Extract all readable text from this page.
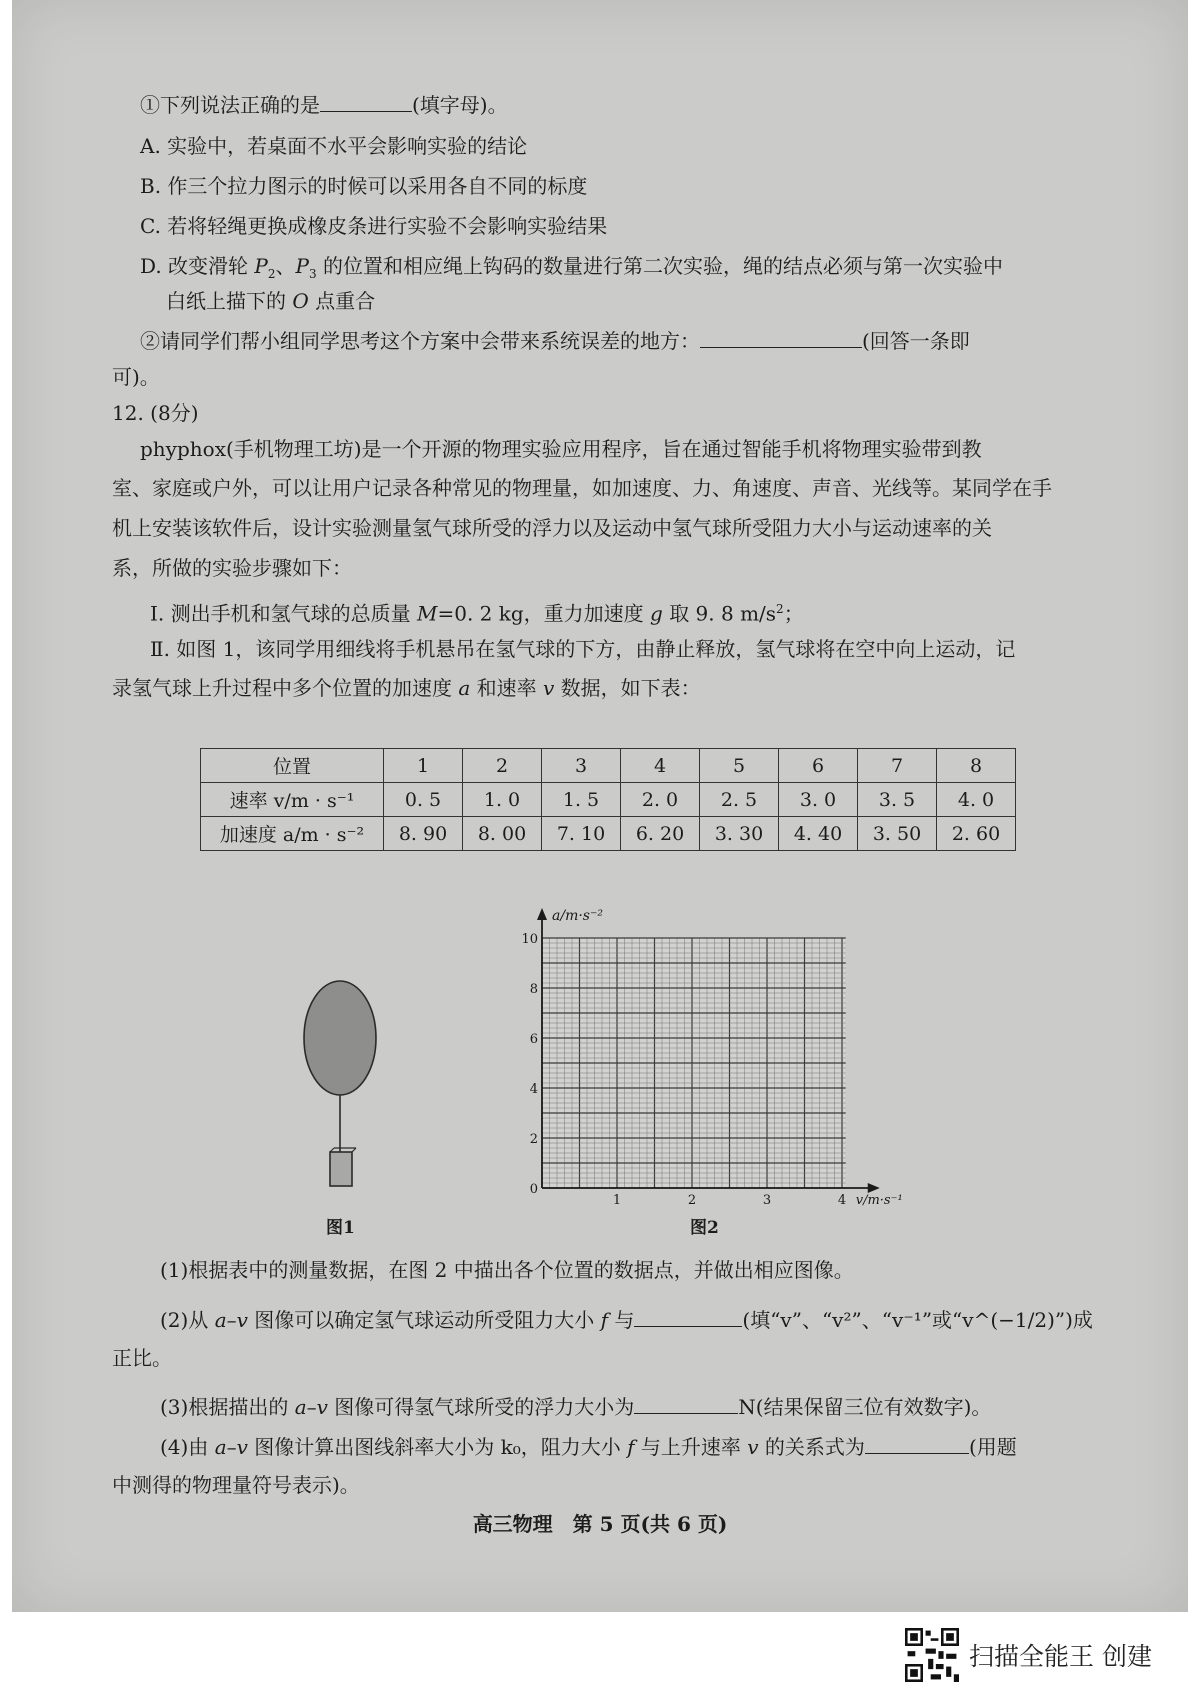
①下列说法正确的是	(填字母)。
A. 实验中，若桌面不水平会影响实验的结论
B. 作三个拉力图示的时候可以采用各自不同的标度
C. 若将轻绳更换成橡皮条进行实验不会影响实验结果
D. 改变滑轮 $P_2$、$P_3$ 的位置和相应绳上钩码的数量进行第二次实验，绳的结点必须与第一次实验中
白纸上描下的 O 点重合
②请同学们帮小组同学思考这个方案中会带来系统误差的地方：	(回答一条即
可)。
12. (8分)
phyphox(手机物理工坊)是一个开源的物理实验应用程序，旨在通过智能手机将物理实验带到教
室、家庭或户外，可以让用户记录各种常见的物理量，如加速度、力、角速度、声音、光线等。某同学在手
机上安装该软件后，设计实验测量氢气球所受的浮力以及运动中氢气球所受阻力大小与运动速率的关
系，所做的实验步骤如下：
Ⅰ. 测出手机和氢气球的总质量 M=0. 2 kg，重力加速度 g 取 9. 8 $m/s^2$；
Ⅱ. 如图 1，该同学用细线将手机悬吊在氢气球的下方，由静止释放，氢气球将在空中向上运动，记
录氢气球上升过程中多个位置的加速度 a 和速率 v 数据，如下表：
位置	1	2	3	4	5	6	7	8
速率 v/m · s⁻¹	0. 5	1. 0	1. 5	2. 0	2. 5	3. 0	3. 5	4. 0
加速度 a/m · s⁻²	8. 90	8. 00	7. 10	6. 20	3. 30	4. 40	3. 50	2. 60
图1
0
2
4
6
8
10
1	2	3	4
a/m·s⁻²
v/m·s⁻¹
图2
(1)根据表中的测量数据，在图 2 中描出各个位置的数据点，并做出相应图像。
(2)从 a–v 图像可以确定氢气球运动所受阻力大小 f 与	(填“v”、“v²”、“v⁻¹”或“v^(−1/2)”)成
正比。
(3)根据描出的 a–v 图像可得氢气球所受的浮力大小为	N(结果保留三位有效数字)。
(4)由 a–v 图像计算出图线斜率大小为 k₀，阻力大小 f 与上升速率 v 的关系式为	(用题
中测得的物理量符号表示)。
高三物理　第 5 页(共 6 页)
扫描全能王 创建
